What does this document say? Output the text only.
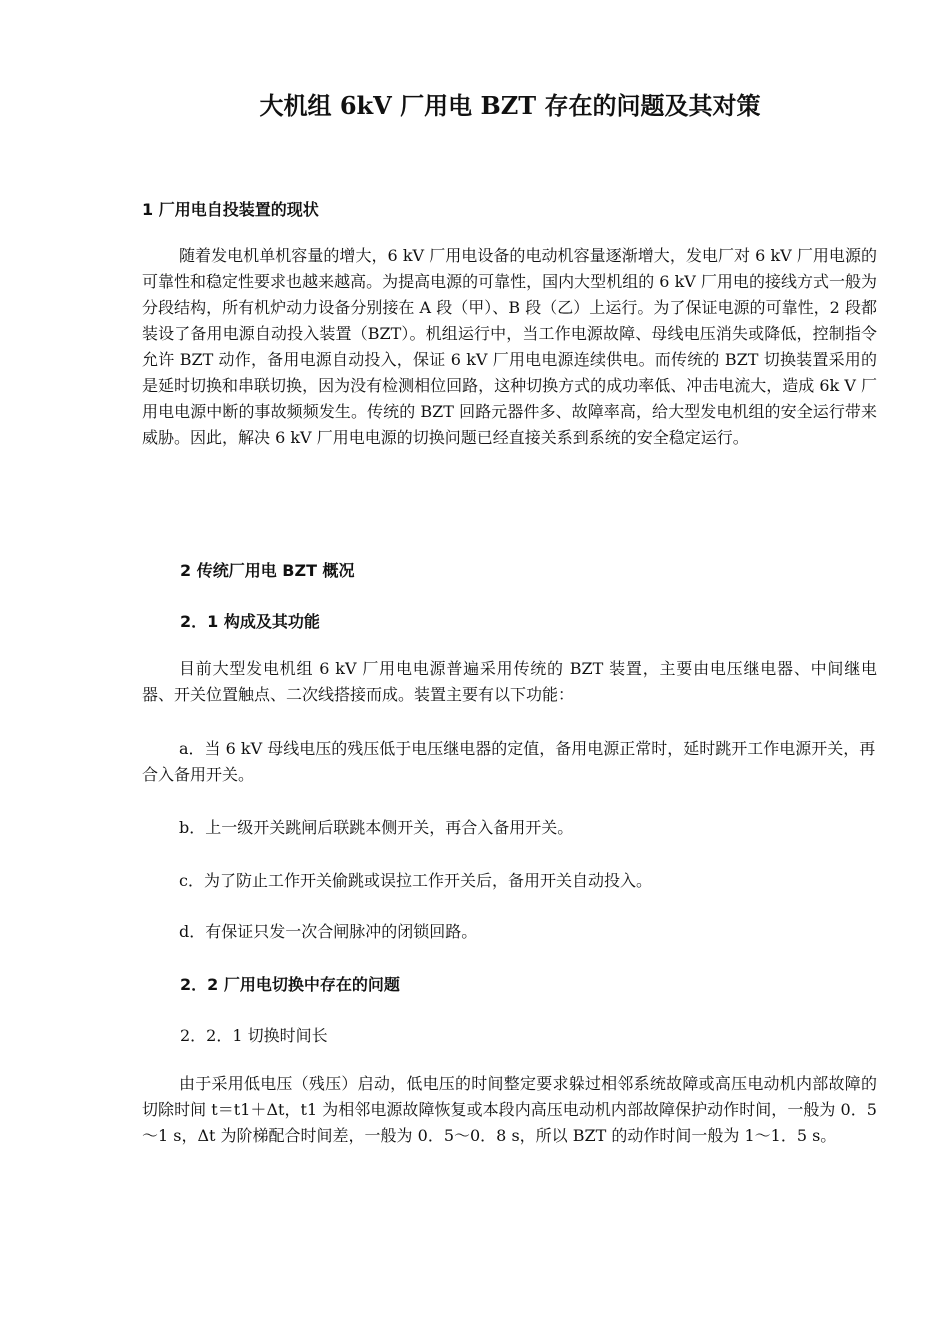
大机组 6kV 厂用电 BZT 存在的问题及其对策
1 厂用电自投装置的现状

随着发电机单机容量的增大，6 kV 厂用电设备的电动机容量逐渐增大，发电厂对 6 kV 厂用电源的可靠性和稳定性要求也越来越高。为提高电源的可靠性，国内大型机组的 6 kV 厂用电的接线方式一般为分段结构，所有机炉动力设备分别接在 A 段（甲）、B 段（乙）上运行。为了保证电源的可靠性，2 段都装设了备用电源自动投入装置（BZT）。机组运行中，当工作电源故障、母线电压消失或降低，控制指令允许 BZT 动作，备用电源自动投入，保证 6 kV 厂用电电源连续供电。而传统的 BZT 切换装置采用的是延时切换和串联切换，因为没有检测相位回路，这种切换方式的成功率低、冲击电流大，造成 6k V 厂用电电源中断的事故频频发生。传统的 BZT 回路元器件多、故障率高，给大型发电机组的安全运行带来威胁。因此，解决 6 kV 厂用电电源的切换问题已经直接关系到系统的安全稳定运行。

2 传统厂用电 BZT 概况
2．1 构成及其功能

目前大型发电机组 6 kV 厂用电电源普遍采用传统的 BZT 装置，主要由电压继电器、中间继电器、开关位置触点、二次线搭接而成。装置主要有以下功能：

a．当 6 kV 母线电压的残压低于电压继电器的定值，备用电源正常时，延时跳开工作电源开关，再合入备用开关。

b．上一级开关跳闸后联跳本侧开关，再合入备用开关。

c．为了防止工作开关偷跳或误拉工作开关后，备用开关自动投入。

d．有保证只发一次合闸脉冲的闭锁回路。

2．2 厂用电切换中存在的问题
2．2．1 切换时间长

由于采用低电压（残压）启动，低电压的时间整定要求躲过相邻系统故障或高压电动机内部故障的切除时间 t＝t1＋Δt，t1 为相邻电源故障恢复或本段内高压电动机内部故障保护动作时间，一般为 0．5～1 s，Δt 为阶梯配合时间差，一般为 0．5～0．8 s，所以 BZT 的动作时间一般为 1～1．5 s。
